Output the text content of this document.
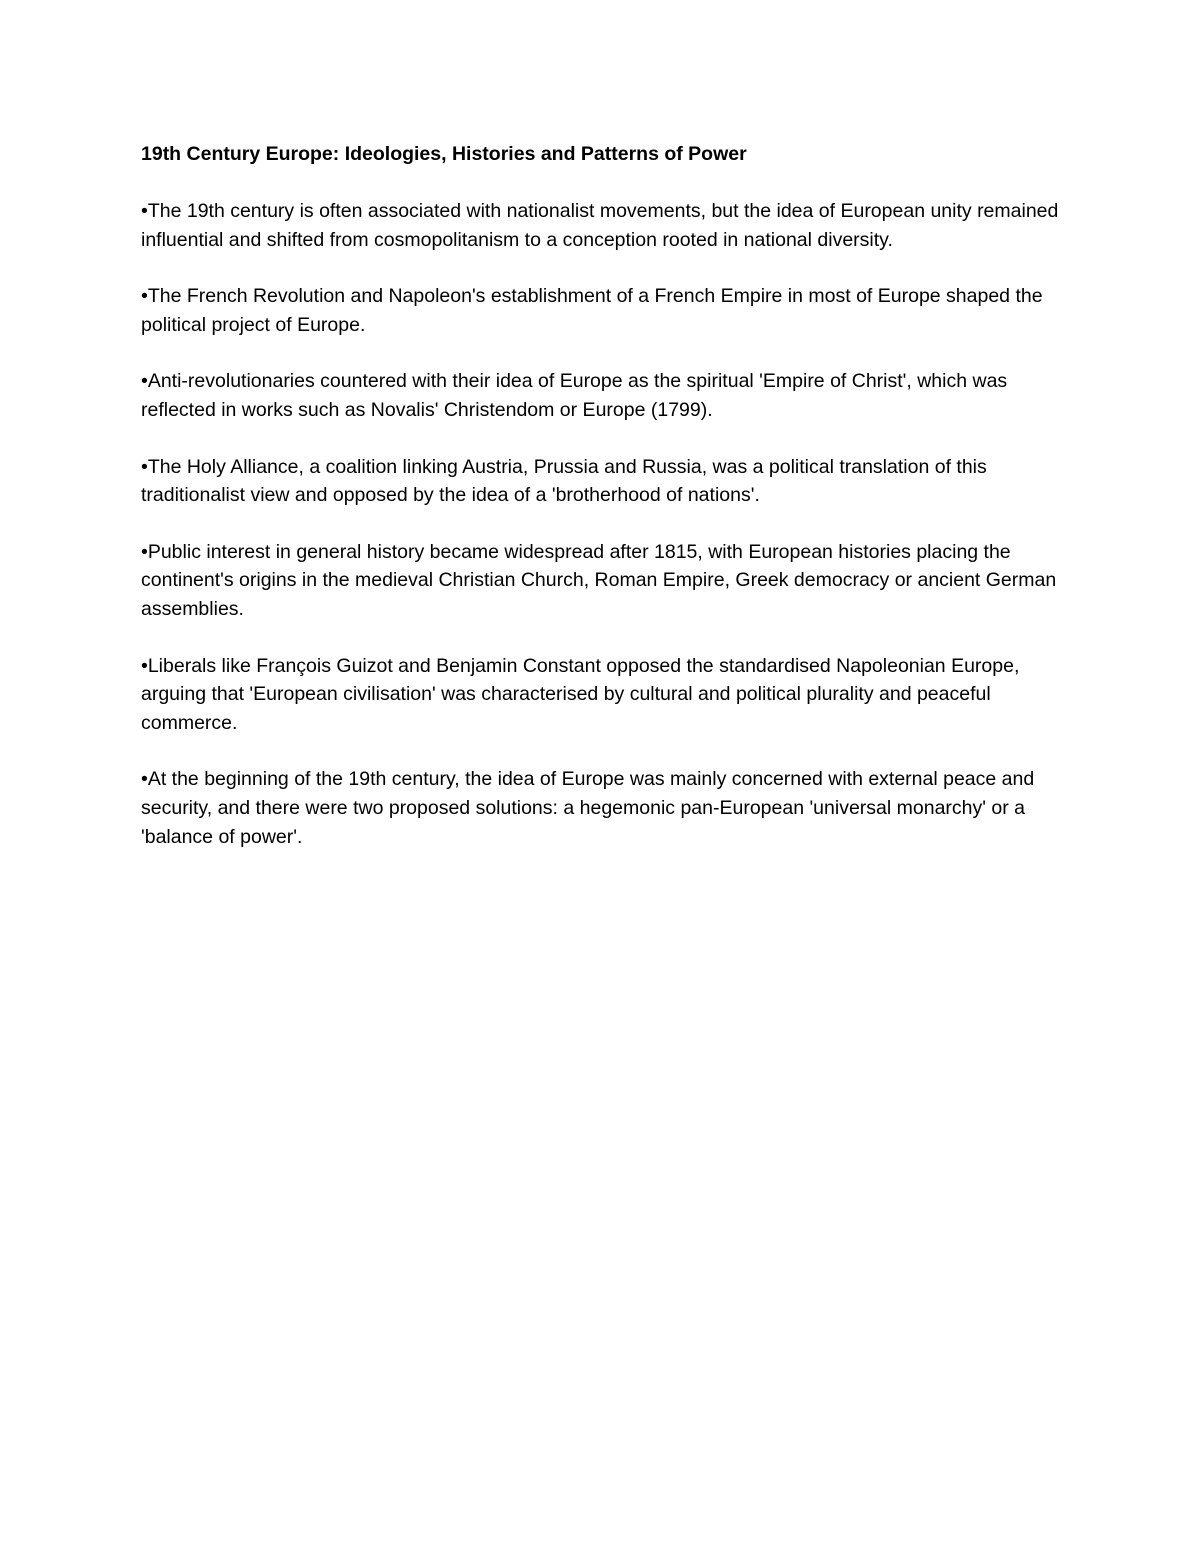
19th Century Europe: Ideologies, Histories and Patterns of Power

•The 19th century is often associated with nationalist movements, but the idea of European unity remained influential and shifted from cosmopolitanism to a conception rooted in national diversity.

•The French Revolution and Napoleon's establishment of a French Empire in most of Europe shaped the political project of Europe.

•Anti-revolutionaries countered with their idea of Europe as the spiritual 'Empire of Christ', which was reflected in works such as Novalis' Christendom or Europe (1799).

•The Holy Alliance, a coalition linking Austria, Prussia and Russia, was a political translation of this traditionalist view and opposed by the idea of a 'brotherhood of nations'.

•Public interest in general history became widespread after 1815, with European histories placing the continent's origins in the medieval Christian Church, Roman Empire, Greek democracy or ancient German assemblies.

•Liberals like François Guizot and Benjamin Constant opposed the standardised Napoleonian Europe, arguing that 'European civilisation' was characterised by cultural and political plurality and peaceful commerce.

•At the beginning of the 19th century, the idea of Europe was mainly concerned with external peace and security, and there were two proposed solutions: a hegemonic pan-European 'universal monarchy' or a 'balance of power'.
